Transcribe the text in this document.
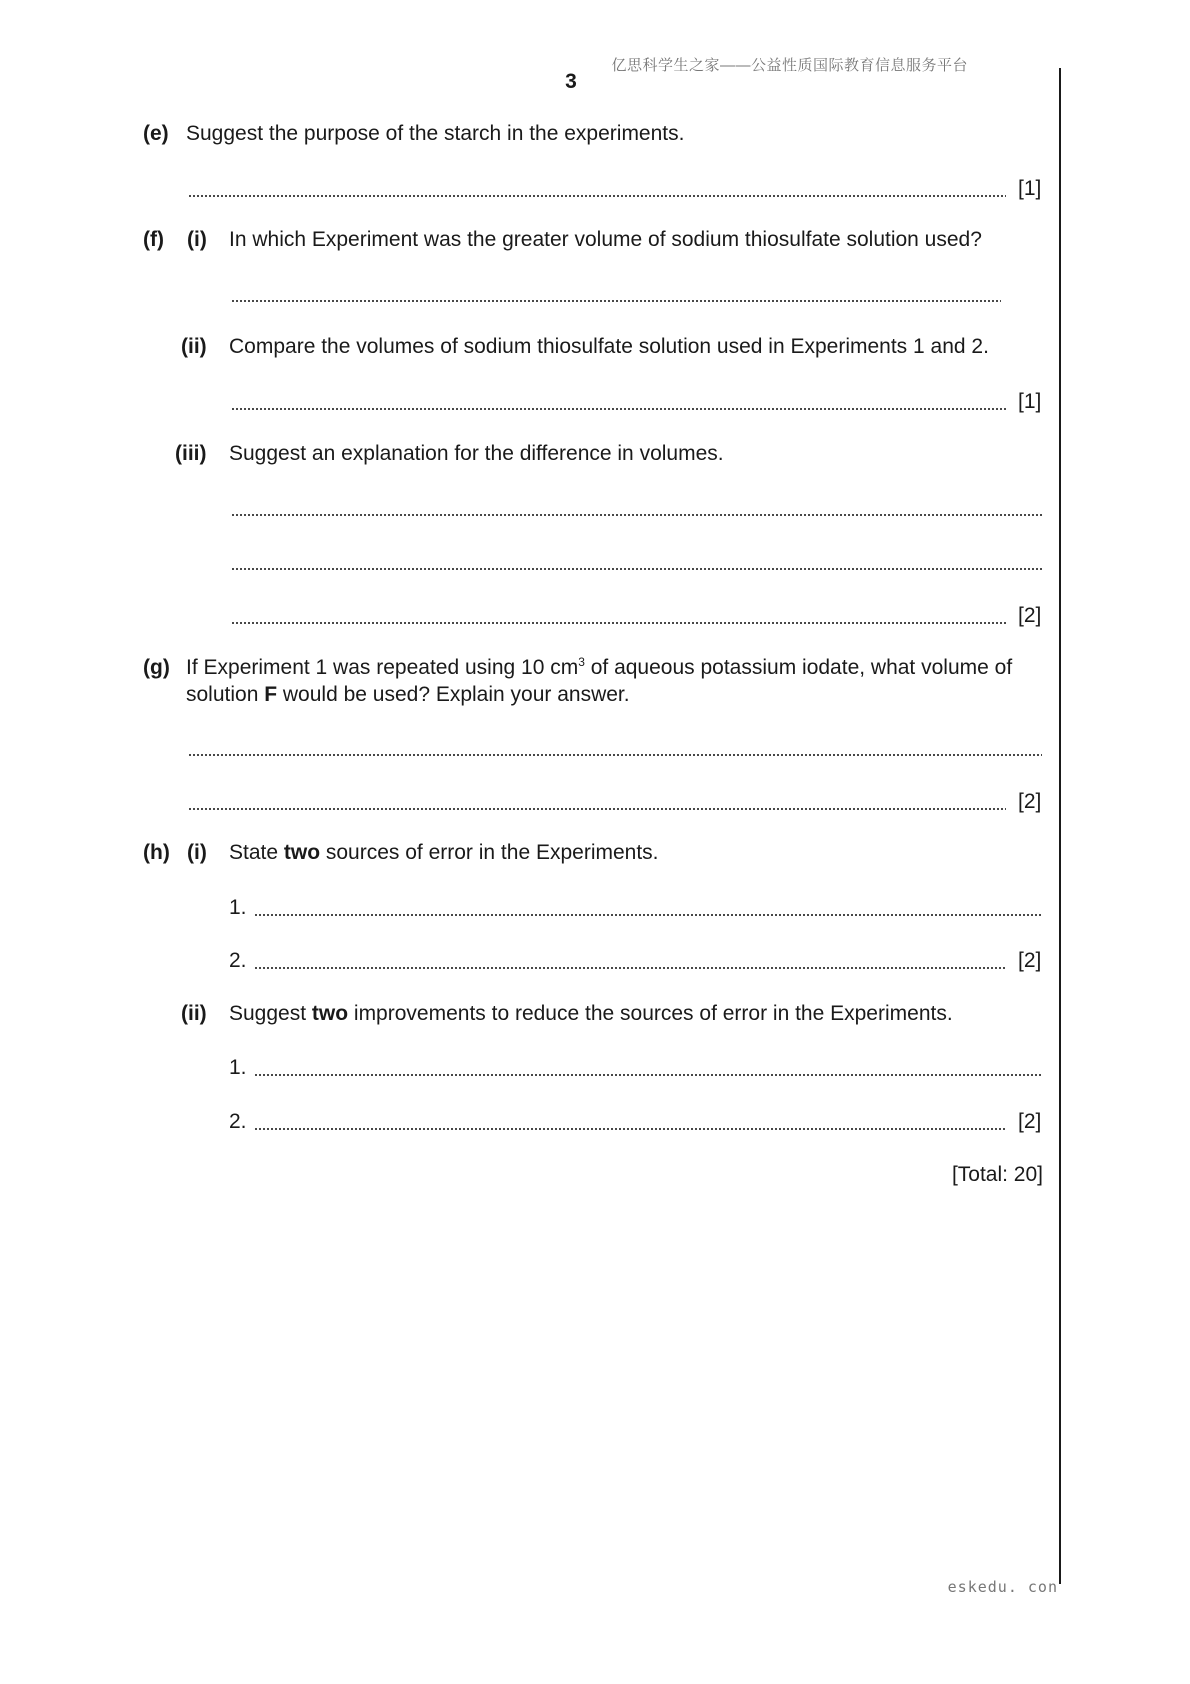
亿思科学生之家——公益性质国际教育信息服务平台
3
(e) Suggest the purpose of the starch in the experiments.
[1]
(f) (i) In which Experiment was the greater volume of sodium thiosulfate solution used?
(ii) Compare the volumes of sodium thiosulfate solution used in Experiments 1 and 2.
[1]
(iii) Suggest an explanation for the difference in volumes.
[2]
(g) If Experiment 1 was repeated using 10 $cm^3$ of aqueous potassium iodate, what volume of
solution F would be used? Explain your answer.
[2]
(h) (i) State two sources of error in the Experiments.
1.
2.	[2]
(ii) Suggest two improvements to reduce the sources of error in the Experiments.
1.
2.	[2]
[Total: 20]
eskedu. con
